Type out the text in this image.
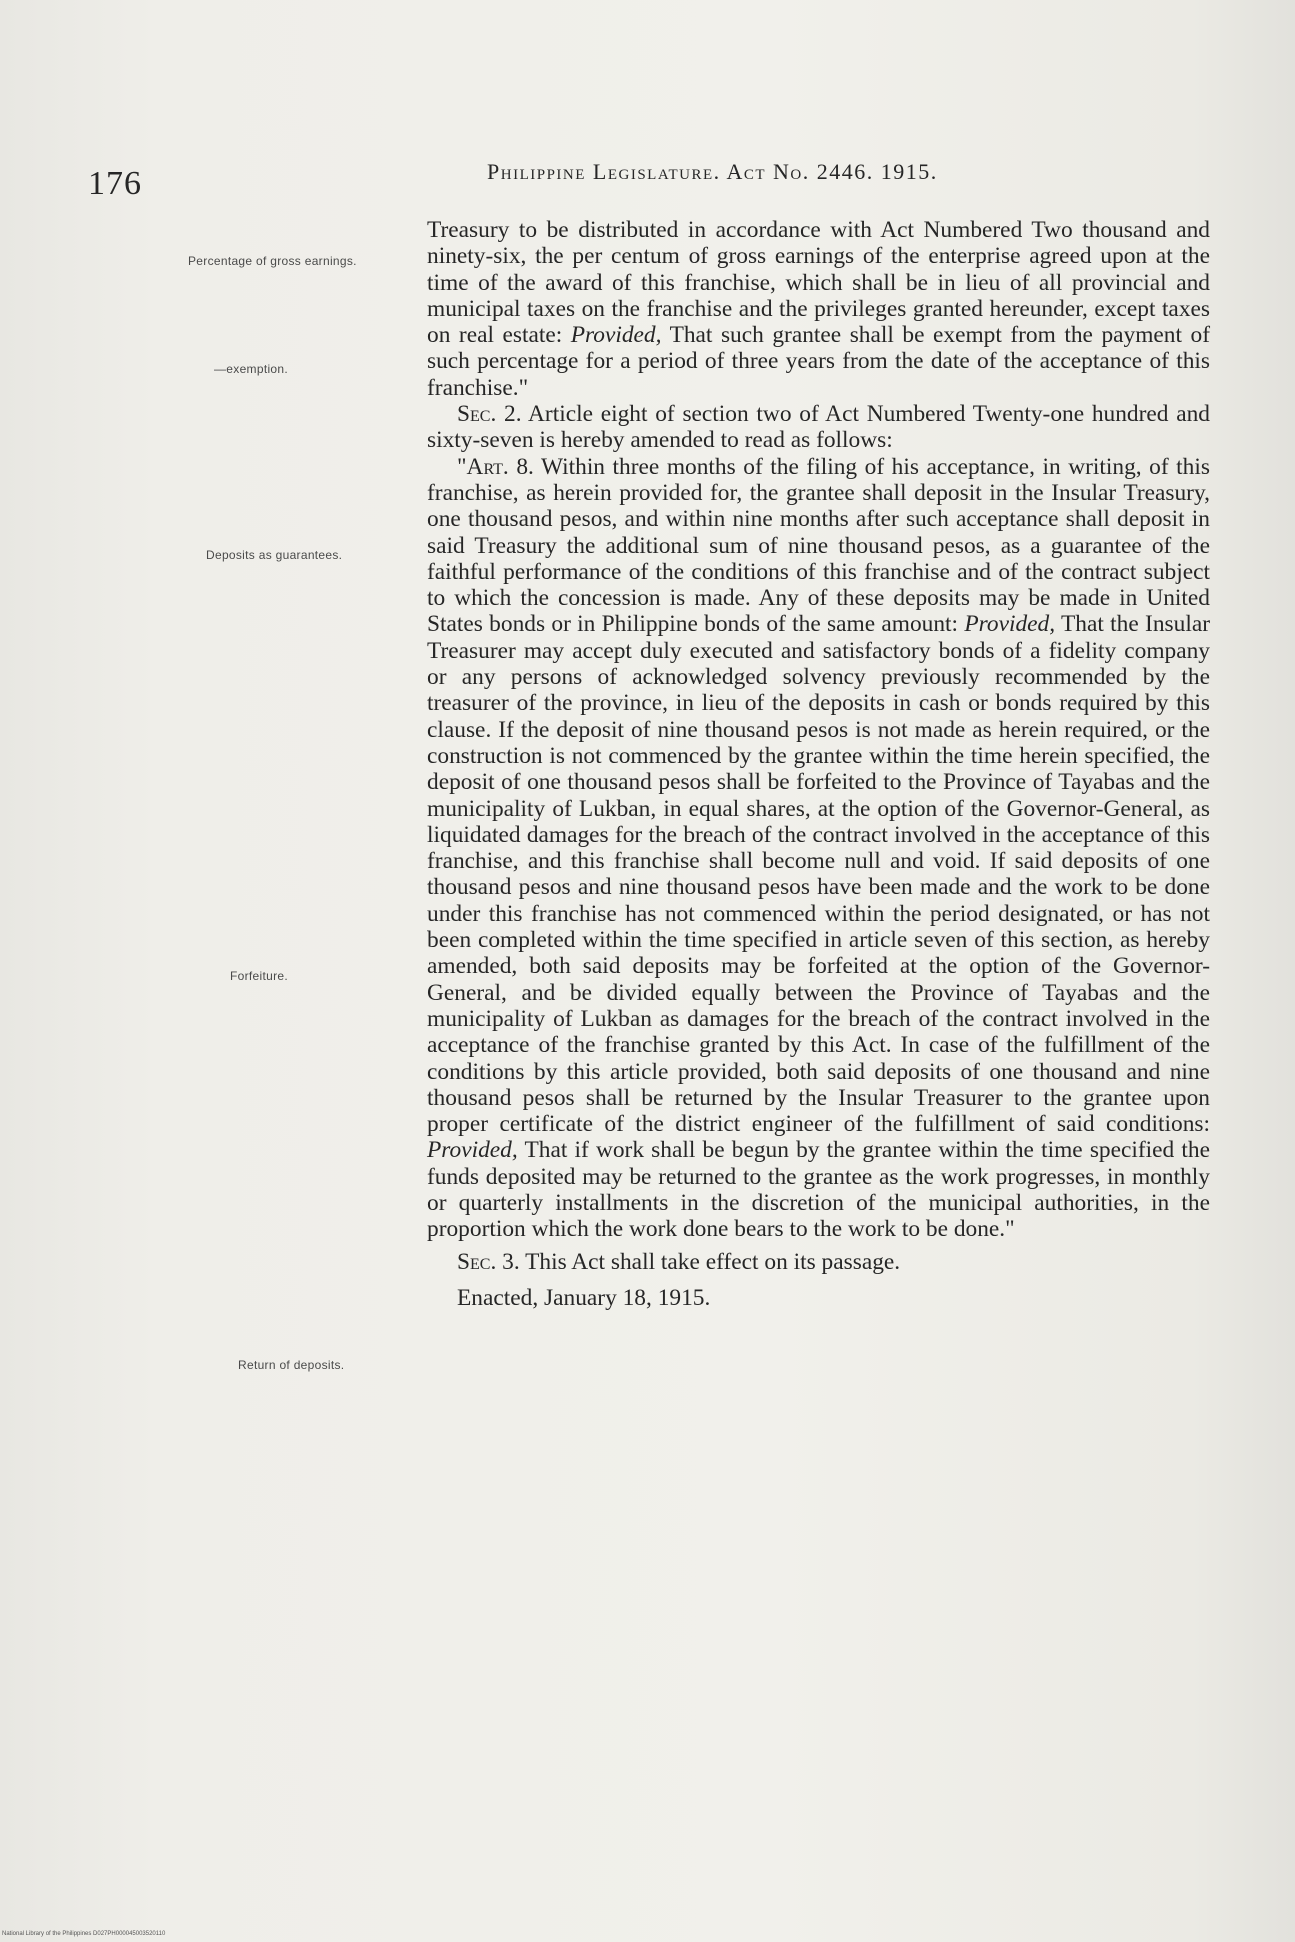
176	Philippine Legislature. Act No. 2446. 1915.
Percentage of gross earnings.
—exemption.
Deposits as guarantees.
Forfeiture.
Return of deposits.

Treasury to be distributed in accordance with Act Numbered Two thousand and ninety-six, the per centum of gross earnings of the enterprise agreed upon at the time of the award of this franchise, which shall be in lieu of all provincial and municipal taxes on the franchise and the privileges granted hereunder, except taxes on real estate: Provided, That such grantee shall be exempt from the payment of such percentage for a period of three years from the date of the acceptance of this franchise."

Sec. 2. Article eight of section two of Act Numbered Twenty-one hundred and sixty-seven is hereby amended to read as follows:

"Art. 8. Within three months of the filing of his acceptance, in writing, of this franchise, as herein provided for, the grantee shall deposit in the Insular Treasury, one thousand pesos, and within nine months after such acceptance shall deposit in said Treasury the additional sum of nine thousand pesos, as a guarantee of the faithful performance of the conditions of this franchise and of the contract subject to which the concession is made. Any of these deposits may be made in United States bonds or in Philippine bonds of the same amount: Provided, That the Insular Treasurer may accept duly executed and satisfactory bonds of a fidelity company or any persons of acknowledged solvency previously recommended by the treasurer of the province, in lieu of the deposits in cash or bonds required by this clause. If the deposit of nine thousand pesos is not made as herein required, or the construction is not commenced by the grantee within the time herein specified, the deposit of one thousand pesos shall be forfeited to the Province of Tayabas and the municipality of Lukban, in equal shares, at the option of the Governor-General, as liquidated damages for the breach of the contract involved in the acceptance of this franchise, and this franchise shall become null and void. If said deposits of one thousand pesos and nine thousand pesos have been made and the work to be done under this franchise has not commenced within the period designated, or has not been completed within the time specified in article seven of this section, as hereby amended, both said deposits may be forfeited at the option of the Governor-General, and be divided equally between the Province of Tayabas and the municipality of Lukban as damages for the breach of the contract involved in the acceptance of the franchise granted by this Act. In case of the fulfillment of the conditions by this article provided, both said deposits of one thousand and nine thousand pesos shall be returned by the Insular Treasurer to the grantee upon proper certificate of the district engineer of the fulfillment of said conditions: Provided, That if work shall be begun by the grantee within the time specified the funds deposited may be returned to the grantee as the work progresses, in monthly or quarterly installments in the discretion of the municipal authorities, in the proportion which the work done bears to the work to be done."

Sec. 3. This Act shall take effect on its passage.

Enacted, January 18, 1915.

National Library of the Philippines D027PH000045003520110
